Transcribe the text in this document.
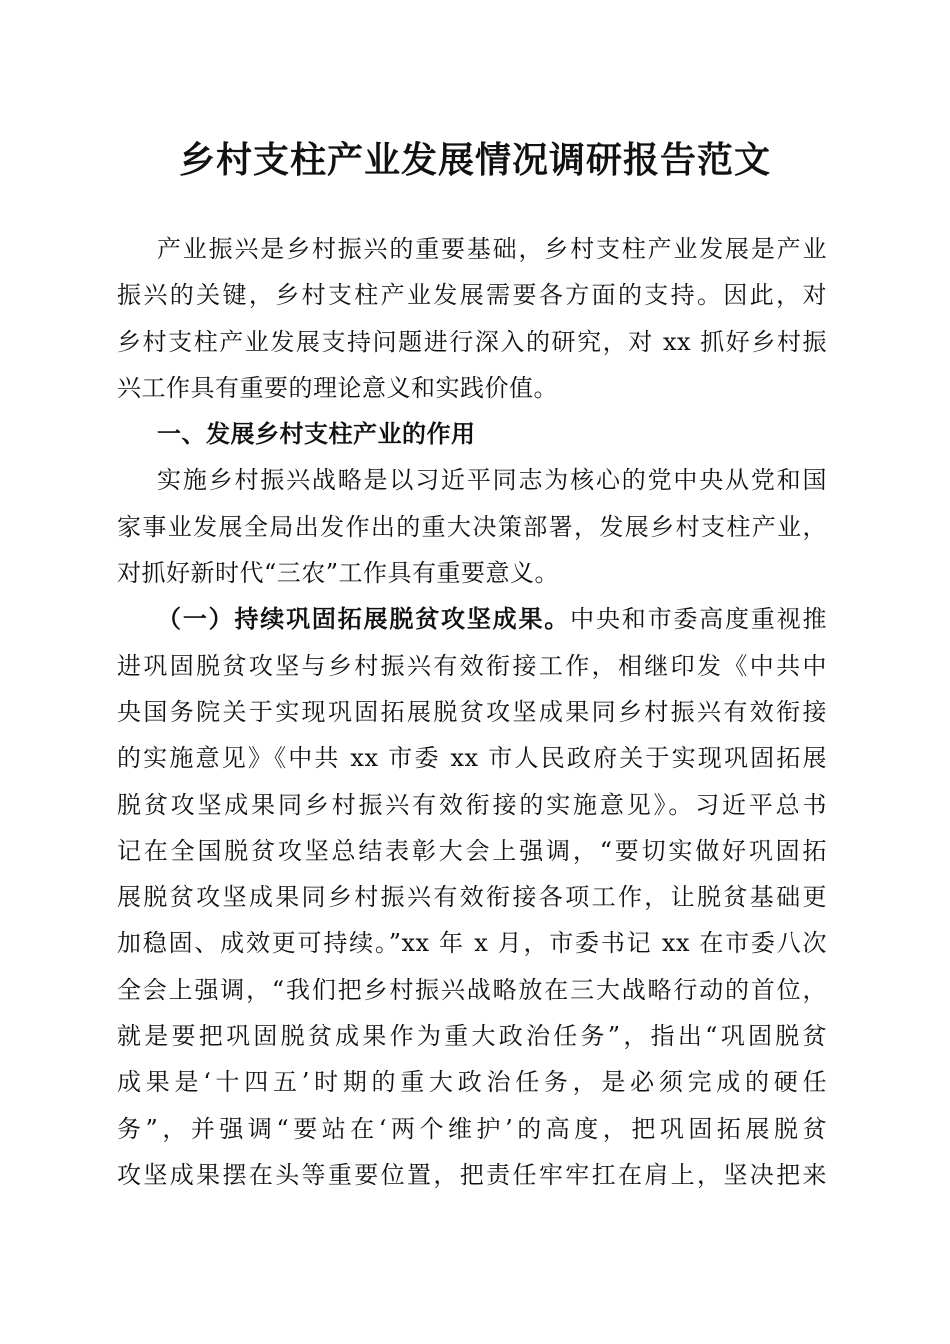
乡村支柱产业发展情况调研报告范文
产业振兴是乡村振兴的重要基础，乡村支柱产业发展是产业
振兴的关键，乡村支柱产业发展需要各方面的支持。因此，对
乡村支柱产业发展支持问题进行深入的研究，对 xx 抓好乡村振
兴工作具有重要的理论意义和实践价值。
一、发展乡村支柱产业的作用
实施乡村振兴战略是以习近平同志为核心的党中央从党和国
家事业发展全局出发作出的重大决策部署，发展乡村支柱产业，
对抓好新时代“三农”工作具有重要意义。
（一）持续巩固拓展脱贫攻坚成果。中央和市委高度重视推
进巩固脱贫攻坚与乡村振兴有效衔接工作，相继印发《中共中
央国务院关于实现巩固拓展脱贫攻坚成果同乡村振兴有效衔接
的实施意见》《中共 xx 市委 xx 市人民政府关于实现巩固拓展
脱贫攻坚成果同乡村振兴有效衔接的实施意见》。习近平总书
记在全国脱贫攻坚总结表彰大会上强调，“要切实做好巩固拓
展脱贫攻坚成果同乡村振兴有效衔接各项工作，让脱贫基础更
加稳固、成效更可持续。”xx 年 x 月，市委书记 xx 在市委八次
全会上强调，“我们把乡村振兴战略放在三大战略行动的首位，
就是要把巩固脱贫成果作为重大政治任务”，指出“巩固脱贫
成果是‘十四五’时期的重大政治任务，是必须完成的硬任
务”，并强调“要站在‘两个维护’的高度，把巩固拓展脱贫
攻坚成果摆在头等重要位置，把责任牢牢扛在肩上，坚决把来
